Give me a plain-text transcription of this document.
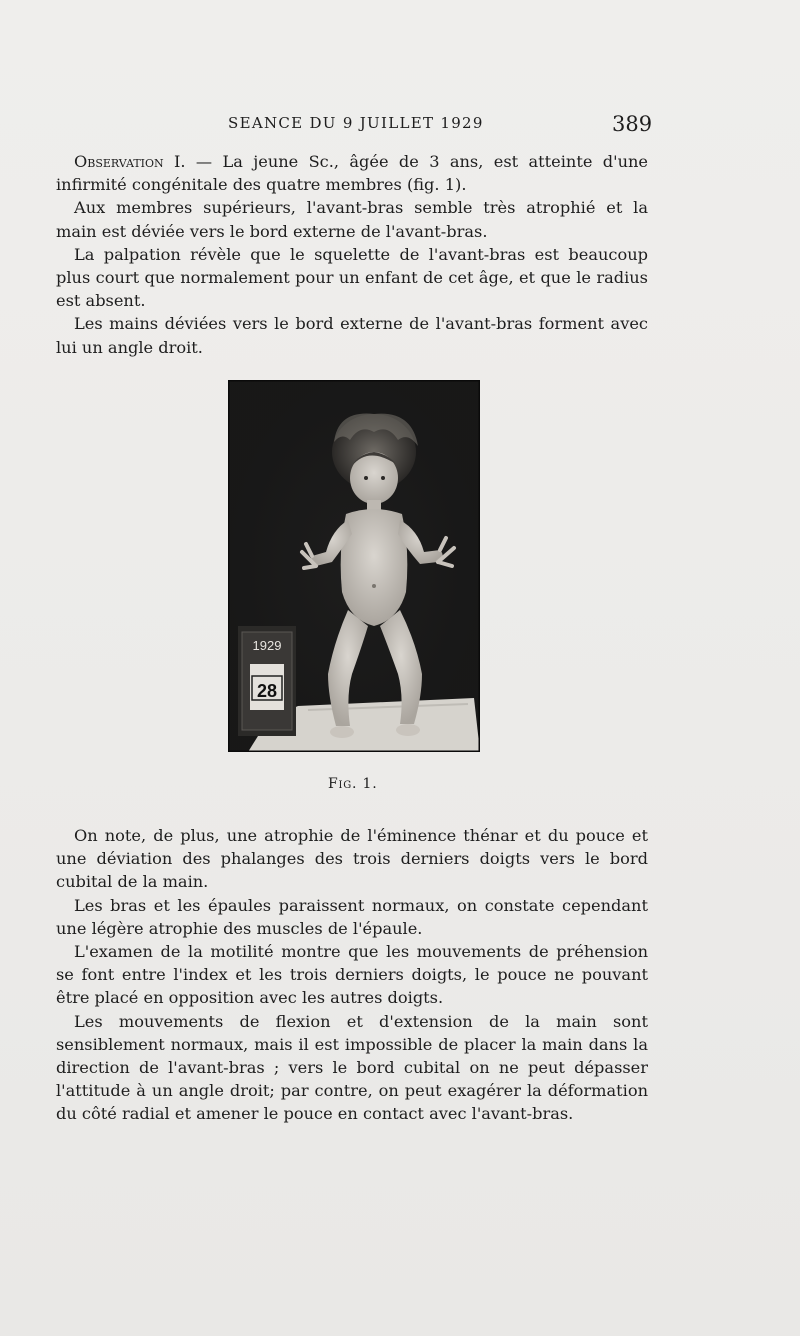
SEANCE DU 9 JUILLET 1929	389

Observation I. — La jeune Sc., âgée de 3 ans, est atteinte d'une infirmité congénitale des quatre membres (fig. 1).

Aux membres supérieurs, l'avant-bras semble très atrophié et la main est déviée vers le bord externe de l'avant-bras.

La palpation révèle que le squelette de l'avant-bras est beaucoup plus court que normalement pour un enfant de cet âge, et que le radius est absent.

Les mains déviées vers le bord externe de l'avant-bras forment avec lui un angle droit.

1929
28
Fig. 1.

On note, de plus, une atrophie de l'éminence thénar et du pouce et une déviation des phalanges des trois derniers doigts vers le bord cubital de la main.

Les bras et les épaules paraissent normaux, on constate cependant une légère atrophie des muscles de l'épaule.

L'examen de la motilité montre que les mouvements de préhension se font entre l'index et les trois derniers doigts, le pouce ne pouvant être placé en opposition avec les autres doigts.

Les mouvements de flexion et d'extension de la main sont sensiblement normaux, mais il est impossible de placer la main dans la direction de l'avant-bras ; vers le bord cubital on ne peut dépasser l'attitude à un angle droit; par contre, on peut exagérer la déformation du côté radial et amener le pouce en contact avec l'avant-bras.
